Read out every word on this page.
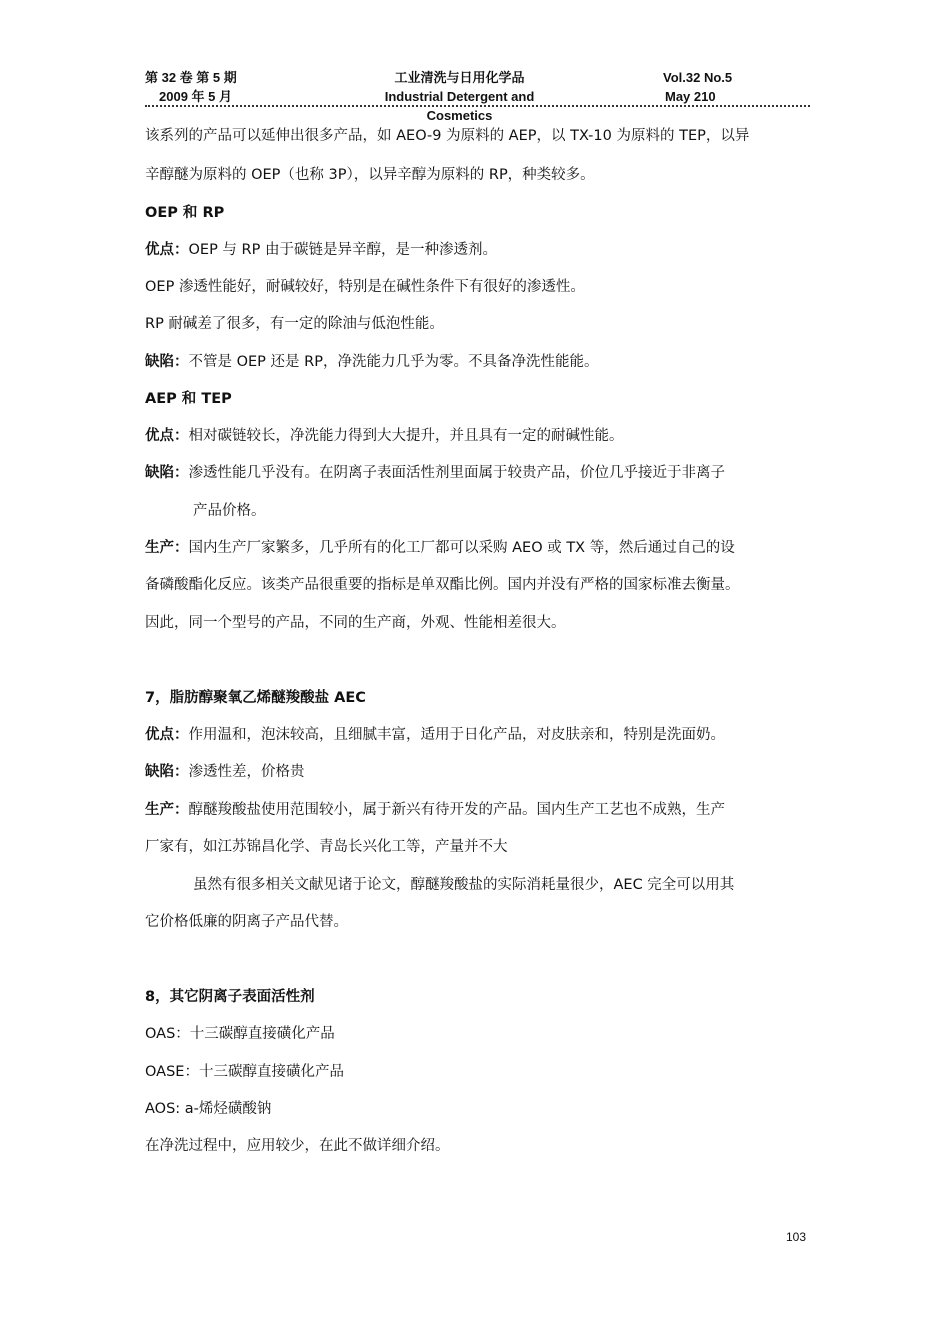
第 32 卷 第 5 期
2009 年 5 月
工业清洗与日用化学品
Industrial Detergent and Cosmetics
Vol.32 No.5
May 210

该系列的产品可以延伸出很多产品，如 AEO-9 为原料的 AEP，以 TX-10 为原料的 TEP，以异

辛醇醚为原料的 OEP（也称 3P），以异辛醇为原料的 RP，种类较多。

OEP 和 RP

优点：OEP 与 RP 由于碳链是异辛醇，是一种渗透剂。

OEP 渗透性能好，耐碱较好，特别是在碱性条件下有很好的渗透性。

RP 耐碱差了很多，有一定的除油与低泡性能。

缺陷：不管是 OEP 还是 RP，净洗能力几乎为零。不具备净洗性能能。

AEP 和 TEP

优点：相对碳链较长，净洗能力得到大大提升，并且具有一定的耐碱性能。

缺陷：渗透性能几乎没有。在阴离子表面活性剂里面属于较贵产品，价位几乎接近于非离子

产品价格。

生产：国内生产厂家繁多，几乎所有的化工厂都可以采购 AEO 或 TX 等，然后通过自己的设

备磷酸酯化反应。该类产品很重要的指标是单双酯比例。国内并没有严格的国家标准去衡量。

因此，同一个型号的产品，不同的生产商，外观、性能相差很大。

7，脂肪醇聚氧乙烯醚羧酸盐 AEC

优点：作用温和，泡沫较高，且细腻丰富，适用于日化产品，对皮肤亲和，特别是洗面奶。

缺陷：渗透性差，价格贵

生产：醇醚羧酸盐使用范围较小，属于新兴有待开发的产品。国内生产工艺也不成熟，生产

厂家有，如江苏锦昌化学、青岛长兴化工等，产量并不大

虽然有很多相关文献见诸于论文，醇醚羧酸盐的实际消耗量很少，AEC 完全可以用其

它价格低廉的阴离子产品代替。

8，其它阴离子表面活性剂

OAS：十三碳醇直接磺化产品

OASE：十三碳醇直接磺化产品

AOS: a-烯烃磺酸钠

在净洗过程中，应用较少，在此不做详细介绍。

103
